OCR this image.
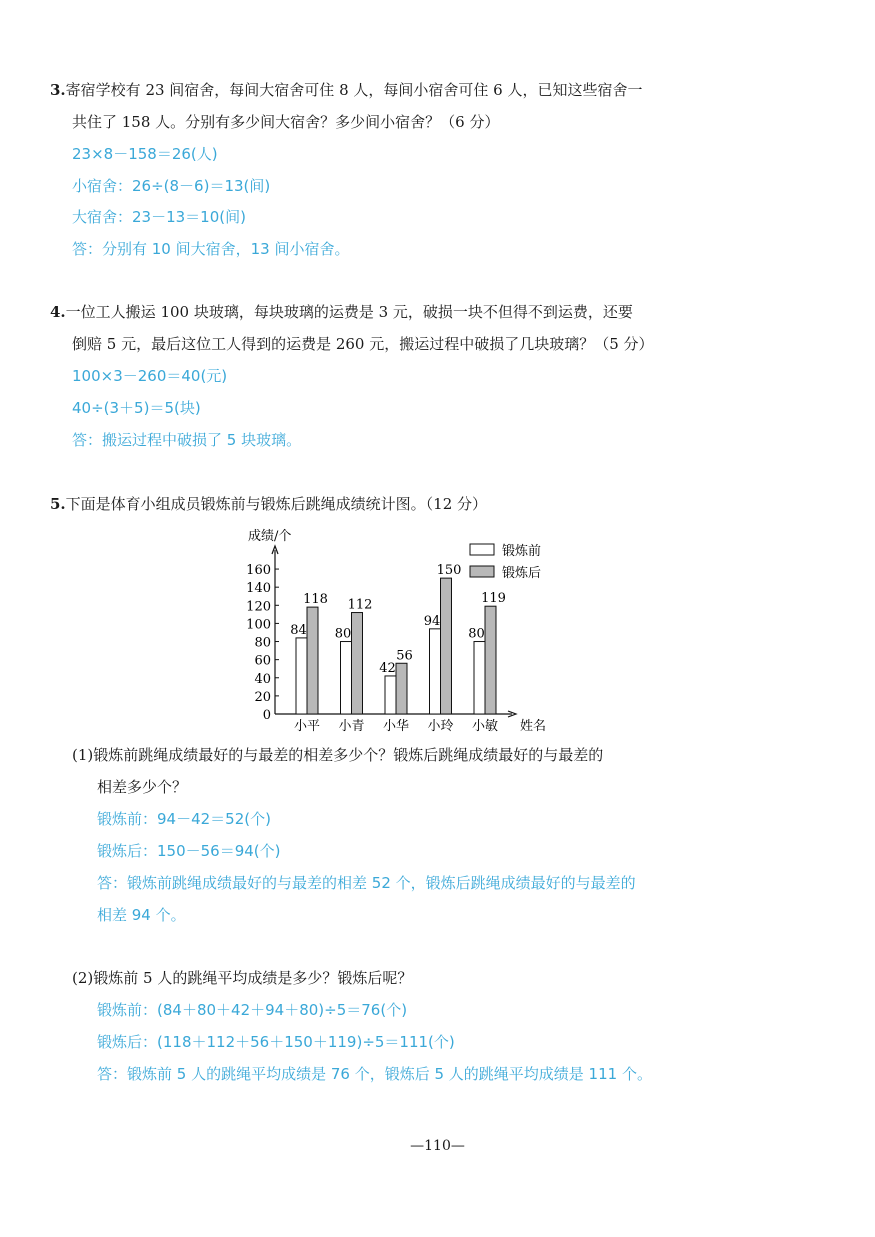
3.寄宿学校有 23 间宿舍，每间大宿舍可住 8 人，每间小宿舍可住 6 人，已知这些宿舍一
共住了 158 人。分别有多少间大宿舍？多少间小宿舍？（6 分）
23×8－158＝26(人)
小宿舍：26÷(8－6)＝13(间)
大宿舍：23－13＝10(间)
答：分别有 10 间大宿舍，13 间小宿舍。
4.一位工人搬运 100 块玻璃，每块玻璃的运费是 3 元，破损一块不但得不到运费，还要
倒赔 5 元，最后这位工人得到的运费是 260 元，搬运过程中破损了几块玻璃？（5 分）
100×3－260＝40(元)
40÷(3＋5)＝5(块)
答：搬运过程中破损了 5 块玻璃。
5.下面是体育小组成员锻炼前与锻炼后跳绳成绩统计图。（12 分）
成绩/个
姓名
0
20
40
60
80
100
120
140
160
84
118
小平
80
112
小青
42
56
小华
94
150
小玲
80
119
小敏
锻炼前
锻炼后
(1)锻炼前跳绳成绩最好的与最差的相差多少个？锻炼后跳绳成绩最好的与最差的
相差多少个？
锻炼前：94－42＝52(个)
锻炼后：150－56＝94(个)
答：锻炼前跳绳成绩最好的与最差的相差 52 个，锻炼后跳绳成绩最好的与最差的
相差 94 个。
(2)锻炼前 5 人的跳绳平均成绩是多少？锻炼后呢？
锻炼前：(84＋80＋42＋94＋80)÷5＝76(个)
锻炼后：(118＋112＋56＋150＋119)÷5＝111(个)
答：锻炼前 5 人的跳绳平均成绩是 76 个，锻炼后 5 人的跳绳平均成绩是 111 个。
—110—
